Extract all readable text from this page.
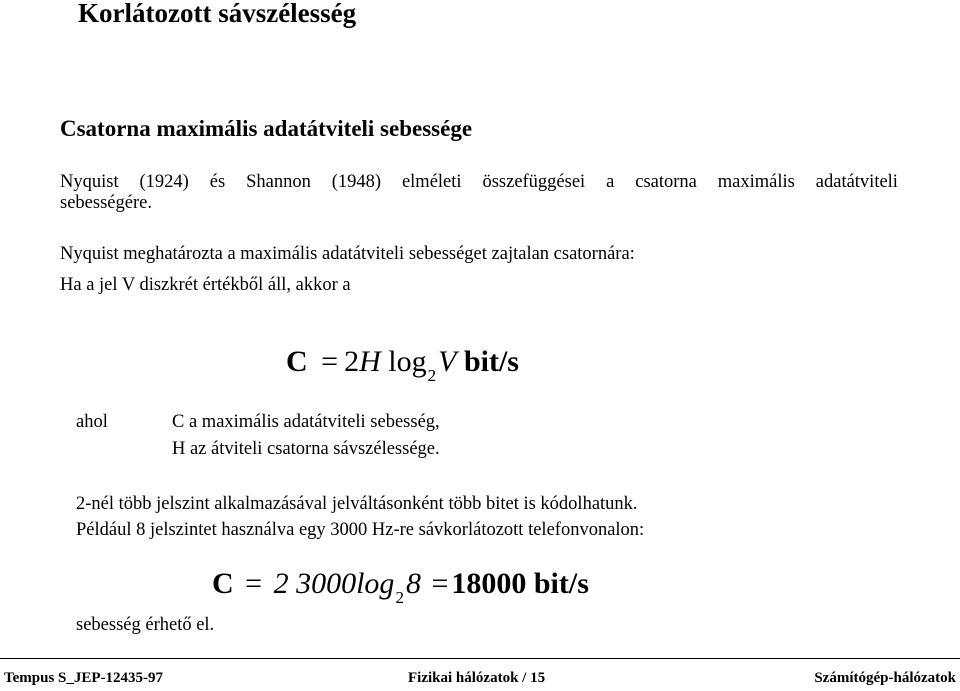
Korlátozott sávszélesség
Csatorna maximális adatátviteli sebessége
Nyquist (1924) és Shannon (1948) elméleti összefüggései a csatorna maximális adatátviteli
sebességére.
Nyquist meghatározta a maximális adatátviteli sebességet zajtalan csatornára:
Ha a jel V diszkrét értékből áll, akkor a
C = 2H $\log_2V$ bit/s
ahol	C a maximális adatátviteli sebesség,
H az átviteli csatorna sávszélessége.
2-nél több jelszint alkalmazásával jelváltásonként több bitet is kódolhatunk.
Például 8 jelszintet használva egy 3000 Hz-re sávkorlátozott telefonvonalon:
C = 2 $3000\log_28 = 18000$ bit/s
sebesség érhető el.
Tempus S_JEP-12435-97	Fizikai hálózatok / 15	Számítógép-hálózatok
